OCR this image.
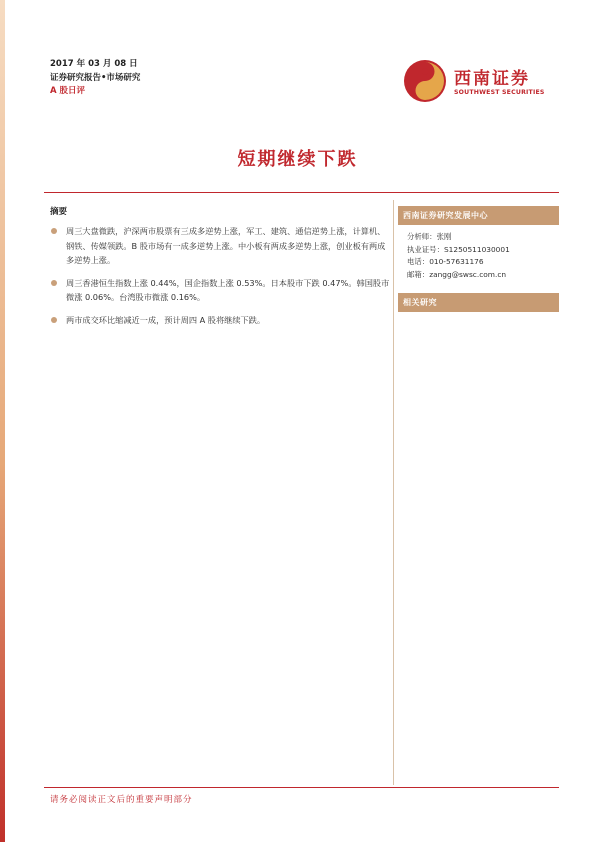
2017 年 03 月 08 日
证券研究报告•市场研究
A 股日评
西南证券
SOUTHWEST SECURITIES
短期继续下跌
摘要
周三大盘微跌，沪深两市股票有三成多逆势上涨，军工、建筑、通信逆势上涨，计算机、钢铁、传媒领跌。B 股市场有一成多逆势上涨。中小板有两成多逆势上涨，创业板有两成多逆势上涨。
周三香港恒生指数上涨 0.44%，国企指数上涨 0.53%。日本股市下跌 0.47%。韩国股市微涨 0.06%。台湾股市微涨 0.16%。
两市成交环比缩减近一成，预计周四 A 股将继续下跌。
西南证券研究发展中心
分析师：张刚
执业证号：S1250511030001
电话：010-57631176
邮箱：zangg@swsc.com.cn
相关研究
请务必阅读正文后的重要声明部分
